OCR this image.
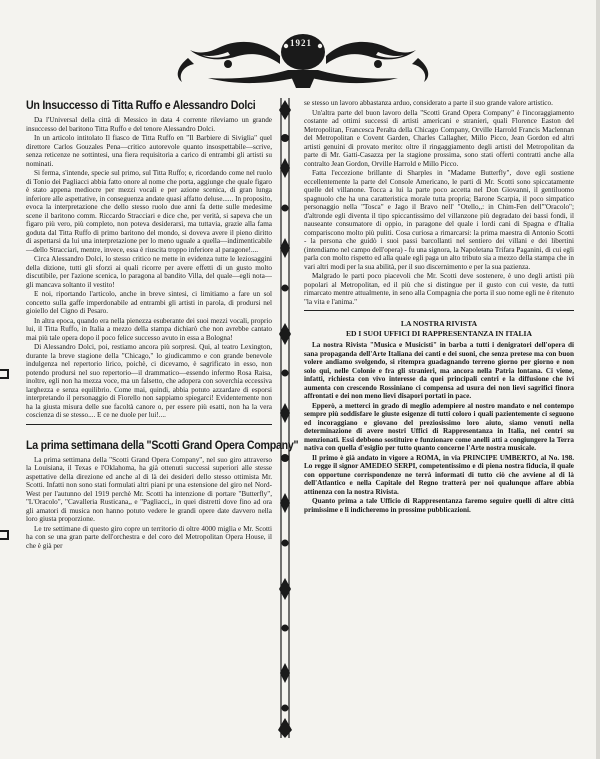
1921
Un Insuccesso di Titta Ruffo e Alessandro Dolci

Da l'Universal della città di Messico in data 4 corrente rileviamo un grande insuccesso del baritono Titta Ruffo e del tenore Alessandro Dolci.

In un articolo intitolato Il fiasco de Titta Ruffo en "Il Barbiere di Siviglia" quel direttore Carlos Gouzales Pena—critico autorevole quanto insospettabile—scrive, senza reticenze ne sottintesi, una fiera requisitoria a carico di entrambi gli artisti su nominati.

Si ferma, s'intende, specie sul primo, sul Titta Ruffo; e, ricordando come nel ruolo di Tonio dei Pagliacci abbia fatto onore al nome che porta, aggiunge che quale figaro è stato appena mediocre per mezzi vocali e per azione scenica, di gran lunga inferiore alle aspettative, in conseguenza andate quasi affatto deluse...... In proposito, evoca la interpretazione che dello stesso ruolo due anni fa dette sulle medesime scene il baritono comm. Riccardo Stracciari e dice che, per verità, si sapeva che un figaro più vero, più completo, non poteva desiderarsi, ma tuttavia, grazie alla fama goduta dal Titta Ruffo di primo baritono del mondo, si doveva avere il pieno diritto di aspettarsi da lui una interpretazione per lo meno uguale a quella—indimenticabile—dello Stracciari, mentre, invece, essa è riuscita troppo inferiore al paragone!....

Circa Alessandro Dolci, lo stesso critico ne mette in evidenza tutte le leziosaggini della dizione, tutti gli sforzi ai quali ricorre per avere effetti di un gusto molto discutibile, per l'azione scenica, lo paragona al bandito Villa, del quale—egli nota—gli mancava soltanto il vestito!

E noi, riportando l'articolo, anche in breve sintesi, ci limitiamo a fare un sol concetto sulla gaffe imperdonabile ad entrambi gli artisti in parola, di prodursi nel gioiello del Cigno di Pesaro.

In altra epoca, quando era nella pienezza esuberante dei suoi mezzi vocali, proprio lui, il Titta Ruffo, in Italia a mezzo della stampa dichiarò che non avrebbe cantato mai più tale opera dopo il poco felice successo avuto in essa a Bologna!

Di Alessandro Dolci, poi, restiamo ancora più sorpresi. Qui, al teatro Lexington, durante la breve stagione della "Chicago," lo giudicammo e con grande benevole indulgenza nel repertorio lirico, poichè, ci dicevamo, è sagrificato in esso, non potendo prodursi nel suo repertorio—il drammatico—essendo infermo Rosa Raisa, inoltre, egli non ha mezza voce, ma un falsetto, che adopera con soverchia eccessiva larghezza e senza equilibrio. Come mai, quindi, abbia potuto azzardare di esporsi interpretando il personaggio di Fiorello non sappiamo spiegarci! Evidentemente non ha la giusta misura delle sue facoltà canore o, per essere più esatti, non ha la vera coscienza di se stesso.... E ce ne duole per lui!....

La prima settimana della "Scotti Grand Opera Company"

La prima settimana della "Scotti Grand Opera Company", nel suo giro attraverso la Louisiana, il Texas e l'Oklahoma, ha già ottenuti successi superiori alle stesse aspettative della direzione ed anche al di là dei desideri dello stesso ottimista Mr. Scotti. Infatti non sono stati formulati altri piani pr una estensione del giro nel Nord-West per l'autunno del 1919 perchè Mr. Scotti ha intenzione di portare "Butterfly", "L'Oracolo", "Cavalleria Rusticana,, e "Pagliacci,, in quei distretti dove fino ad ora gli amatori di musica non hanno potuto vedere le grandi opere date davvero nella loro giusta proporzione.

Le tre settimane di questo giro copre un territorio di oltre 4000 miglia e Mr. Scotti ha con se una gran parte dell'orchestra e del coro del Metropolitan Opera House, il che è già per

se stesso un lavoro abbastanza arduo, considerato a parte il suo grande valore artistico.

Un'altra parte del buon lavoro della "Scotti Grand Opera Company" è l'incoraggiamento costante ad ottimi successi di artisti americani e stranieri, quali Florence Easton del Metropolitan, Francesca Peralta della Chicago Company, Orville Harrold Francis Maclennan del Metropolitan e Covent Garden, Charles Callagher, Millo Picco, Jean Gordon ed altri artisti genuini di provato merito: oltre il ringaggiamento degli artisti del Metropolitan da parte di Mr. Gatti-Casazza per la stagione prossima, sono stati offerti contratti anche alla contralto Jean Gordon, Orville Harrold e Millo Picco.

Fatta l'eccezione brillante di Sharples in "Madame Butterfly", dove egli sostiene eccellentemente la parte del Console Americano, le parti di Mr. Scotti sono spiccatamente quelle del villanone. Tocca a lui la parte poco accetta nel Don Giovanni, il gentiluomo spagnuolo che ha una caratteristica morale tutta propria; Barone Scarpia, il poco simpatico personaggio nella "Tosca" e Jago il Bravo nell' "Otello,,: in Chim-Fen dell'"Oracolo"; d'altronde egli diventa il tipo spiccantissimo del villanzone più degradato dei bassi fondi, il nauseante consumatore di oppio, in paragone del quale i lordi cani di Spagna e d'Italia compariscono molto più puliti. Cosa curiosa a rimarcarsi: la prima maestra di Antonio Scotti - la persona che guidò i suoi passi barcollanti nel sentiero dei villani e dei libertini (intendiamo nel campo dell'opera) - fu una signora, la Napoletana Trifara Paganini, di cui egli parla con molto rispetto ed alla quale egli paga un alto tributo sia a mezzo della stampa che in vari altri modi per la sua abilità, per il suo discernimento e per la sua pazienza.

Malgrado le parti poco piacevoli che Mr. Scotti deve sostenere, è uno degli artisti più popolari al Metropolitan, ed il più che si distingue per il gusto con cui veste, da tutti rimarcato mentre attualmente, in seno alla Compagnia che porta il suo nome egli ne è ritenuto "la vita e l'anima."

LA NOSTRA RIVISTA
ED I SUOI UFFICI DI RAPPRESENTANZA IN ITALIA

La nostra Rivista "Musica e Musicisti" in barba a tutti i denigratori dell'opera di sana propaganda dell'Arte Italiana dei canti e dei suoni, che senza pretese ma con buon volere andiamo svolgendo, si ritempra guadagnando terreno giorno per giorno e non solo qui, nelle Colonie e fra gli stranieri, ma ancora nella Patria lontana. Ci viene, infatti, richiesta con vivo interesse da quei principali centri e la diffusione che ivi aumenta con crescendo Rossiniano ci compensa ad usura dei non lievi sagrifici finora affrontati e dei non meno lievi disapori portati in pace.

Epperò, a metterci in grado di meglio adempiere al nostro mandato e nel contempo sempre più soddisfare le giuste esigenze di tutti coloro i quali pazientemente ci seguono ed incoraggiano e giovano del preziosissimo loro aiuto, siamo venuti nella determinazione di avere nostri Uffici di Rappresentanza in Italia, nei centri su menzionati. Essi debbono sostituire e funzionare come anelli atti a congiungere la Terra nativa con quella d'esiglio per tutto quanto concerne l'Arte nostra musicale.

Il primo è già andato in vigore a ROMA, in via PRINCIPE UMBERTO, al No. 198. Lo regge il signor AMEDEO SERPI, competentissimo e di piena nostra fiducia, il quale con opportune corrispondenze ne terrà informati di tutto ciò che avviene al di là dell'Atlantico e nella Capitale del Regno tratterà per noi qualunque affare abbia attinenza con la nostra Rivista.

Quanto prima a tale Ufficio di Rappresentanza faremo seguire quelli di altre città primissime e li indicheremo in prossime pubblicazioni.
